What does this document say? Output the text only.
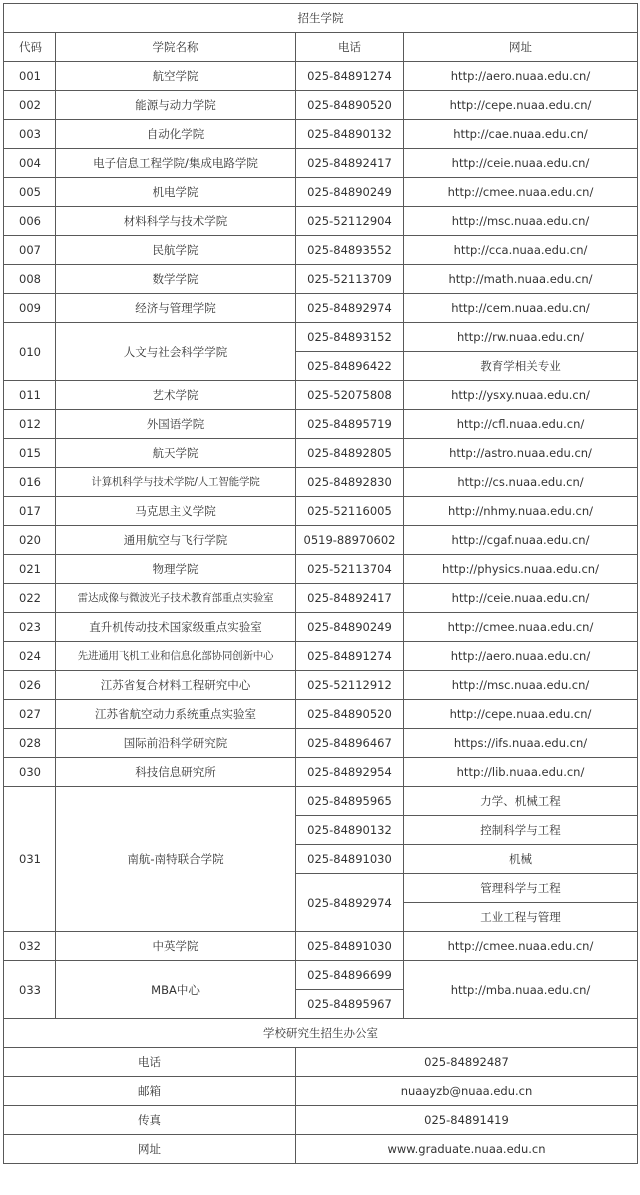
招生学院			
代码	学院名称	电话	网址
001	航空学院	025-84891274	http://aero.nuaa.edu.cn/
002	能源与动力学院	025-84890520	http://cepe.nuaa.edu.cn/
003	自动化学院	025-84890132	http://cae.nuaa.edu.cn/
004	电子信息工程学院/集成电路学院	025-84892417	http://ceie.nuaa.edu.cn/
005	机电学院	025-84890249	http://cmee.nuaa.edu.cn/
006	材料科学与技术学院	025-52112904	http://msc.nuaa.edu.cn/
007	民航学院	025-84893552	http://cca.nuaa.edu.cn/
008	数学学院	025-52113709	http://math.nuaa.edu.cn/
009	经济与管理学院	025-84892974	http://cem.nuaa.edu.cn/
010	人文与社会科学学院	025-84893152	http://rw.nuaa.edu.cn/
		025-84896422	教育学相关专业
011	艺术学院	025-52075808	http://ysxy.nuaa.edu.cn/
012	外国语学院	025-84895719	http://cfl.nuaa.edu.cn/
015	航天学院	025-84892805	http://astro.nuaa.edu.cn/
016	计算机科学与技术学院/人工智能学院	025-84892830	http://cs.nuaa.edu.cn/
017	马克思主义学院	025-52116005	http://nhmy.nuaa.edu.cn/
020	通用航空与飞行学院	0519-88970602	http://cgaf.nuaa.edu.cn/
021	物理学院	025-52113704	http://physics.nuaa.edu.cn/
022	雷达成像与微波光子技术教育部重点实验室	025-84892417	http://ceie.nuaa.edu.cn/
023	直升机传动技术国家级重点实验室	025-84890249	http://cmee.nuaa.edu.cn/
024	先进通用飞机工业和信息化部协同创新中心	025-84891274	http://aero.nuaa.edu.cn/
026	江苏省复合材料工程研究中心	025-52112912	http://msc.nuaa.edu.cn/
027	江苏省航空动力系统重点实验室	025-84890520	http://cepe.nuaa.edu.cn/
028	国际前沿科学研究院	025-84896467	https://ifs.nuaa.edu.cn/
030	科技信息研究所	025-84892954	http://lib.nuaa.edu.cn/
031	南航-南特联合学院	025-84895965	力学、机械工程
		025-84890132	控制科学与工程
		025-84891030	机械
		025-84892974	管理科学与工程
			工业工程与管理
032	中英学院	025-84891030	http://cmee.nuaa.edu.cn/
033	MBA中心	025-84896699	http://mba.nuaa.edu.cn/
		025-84895967	
学校研究生招生办公室			
电话		025-84892487	
邮箱		nuaayzb@nuaa.edu.cn	
传真		025-84891419	
网址		www.graduate.nuaa.edu.cn	
